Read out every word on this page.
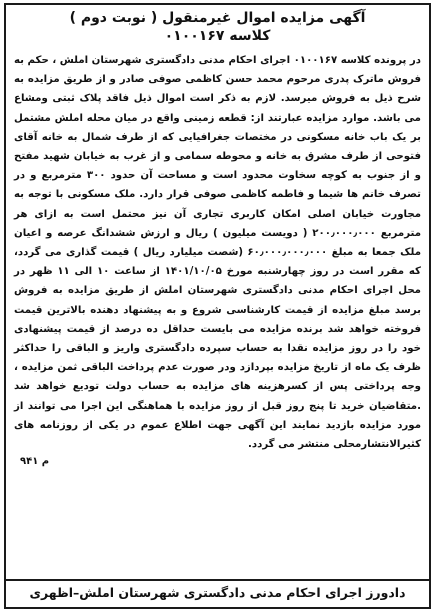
آگهی مزایده اموال غیرمنقول ( نوبت دوم )
کلاسه ۰۱۰۰۱۶۷
در پرونده کلاسه ۰۱۰۰۱۶۷ اجرای احکام مدنی دادگستری شهرستان املش ، حکم به فروش ماترک پدری مرحوم محمد حسن کاظمی صوفی صادر و از طریق مزایده به شرح ذیل به فروش میرسد. لازم به ذکر است اموال ذیل فاقد پلاک ثبتی ومشاع می باشد. موارد مزایده عبارتند از: قطعه زمینی واقع در میان محله املش مشتمل بر یک باب خانه مسکونی در مختصات جغرافیایی که از طرف شمال به خانه آقای فتوحی از طرف مشرق به خانه و محوطه سمامی و از غرب به خیابان شهید مفتح و از جنوب به کوچه سخاوت محدود است و مساحت آن حدود ۳۰۰ مترمربع و در تصرف خانم ها شیما و فاطمه کاظمی صوفی قرار دارد. ملک مسکونی با توجه به مجاورت خیابان اصلی امکان کاربری تجاری آن نیز محتمل است به ازای هر مترمربع ۲۰۰٫۰۰۰٫۰۰۰ ( دویست میلیون ) ریال و ارزش ششدانگ عرصه و اعیان ملک جمعا به مبلغ ۶۰٫۰۰۰٫۰۰۰٫۰۰۰ (شصت میلیارد ریال ) قیمت گذاری می گردد، که مقرر است در روز چهارشنبه مورخ ۱۴۰۱/۱۰/۰۵ از ساعت ۱۰ الی ۱۱ ظهر در محل اجرای احکام مدنی دادگستری شهرستان املش از طریق مزایده به فروش برسد مبلغ مزایده از قیمت کارشناسی شروع و به پیشنهاد دهنده بالاترین قیمت فروخته خواهد شد برنده مزایده می بایست حداقل ده درصد از قیمت پیشنهادی خود را در روز مزایده نقدا به حساب سپرده دادگستری واریز و الباقی را حداکثر ظرف یک ماه از تاریخ مزایده بپردازد ودر صورت عدم پرداخت الباقی ثمن مزایده ، وجه پرداختی پس از کسرهزینه های مزایده به حساب دولت تودیع خواهد شد .متقاضیان خرید تا پنج روز قبل از روز مزایده با هماهنگی این اجرا می توانند از مورد مزایده بازدید نمایند این آگهی جهت اطلاع عموم در یکی از روزنامه های کثیرالانتشارمحلی منتشر می گردد.
م ۹۴۱
دادورز اجرای احکام مدنی دادگستری شهرستان املش–اظهری
